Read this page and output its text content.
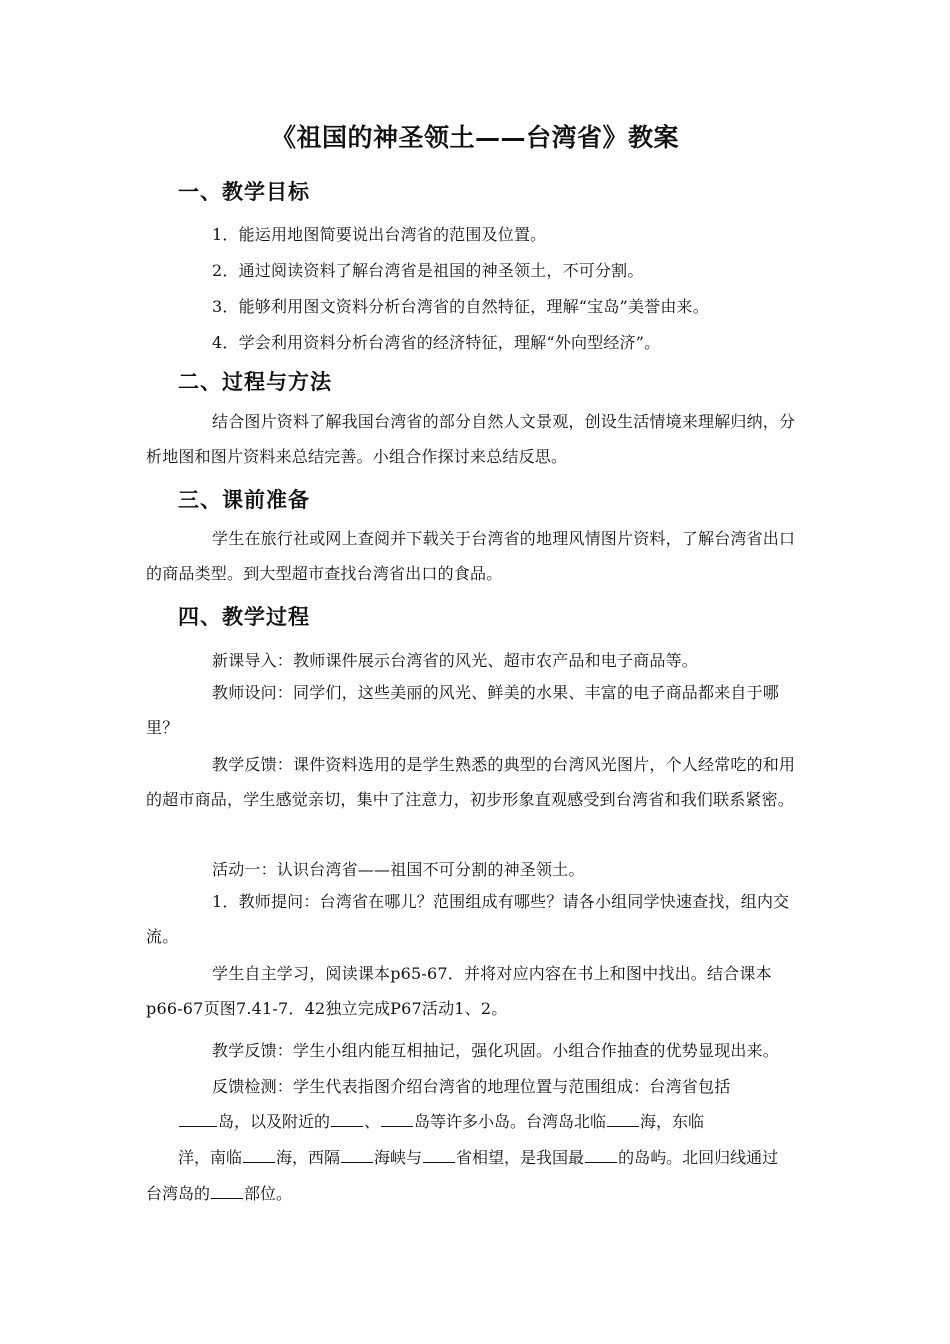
《祖国的神圣领土——台湾省》教案
一、教学目标
1．能运用地图简要说出台湾省的范围及位置。
2．通过阅读资料了解台湾省是祖国的神圣领土，不可分割。
3．能够利用图文资料分析台湾省的自然特征，理解“宝岛”美誉由来。
4．学会利用资料分析台湾省的经济特征，理解“外向型经济”。
二、过程与方法
结合图片资料了解我国台湾省的部分自然人文景观，创设生活情境来理解归纳，分析地图和图片资料来总结完善。小组合作探讨来总结反思。
三、课前准备
学生在旅行社或网上查阅并下载关于台湾省的地理风情图片资料，了解台湾省出口的商品类型。到大型超市查找台湾省出口的食品。
四、教学过程
新课导入：教师课件展示台湾省的风光、超市农产品和电子商品等。
教师设问：同学们，这些美丽的风光、鲜美的水果、丰富的电子商品都来自于哪里？
教学反馈：课件资料选用的是学生熟悉的典型的台湾风光图片，个人经常吃的和用的超市商品，学生感觉亲切，集中了注意力，初步形象直观感受到台湾省和我们联系紧密。
活动一：认识台湾省——祖国不可分割的神圣领土。
1．教师提问：台湾省在哪儿？范围组成有哪些？请各小组同学快速查找，组内交流。
学生自主学习，阅读课本p65-67．并将对应内容在书上和图中找出。结合课本p66-67页图7.41-7．42独立完成P67活动1、2。
教学反馈：学生小组内能互相抽记，强化巩固。小组合作抽查的优势显现出来。
反馈检测：学生代表指图介绍台湾省的地理位置与范围组成：台湾省包括
岛，以及附近的 、 岛等许多小岛。台湾岛北临 海，东临
洋，南临 海，西隔 海峡与 省相望，是我国最 的岛屿。北回归线通过
台湾岛的 部位。
